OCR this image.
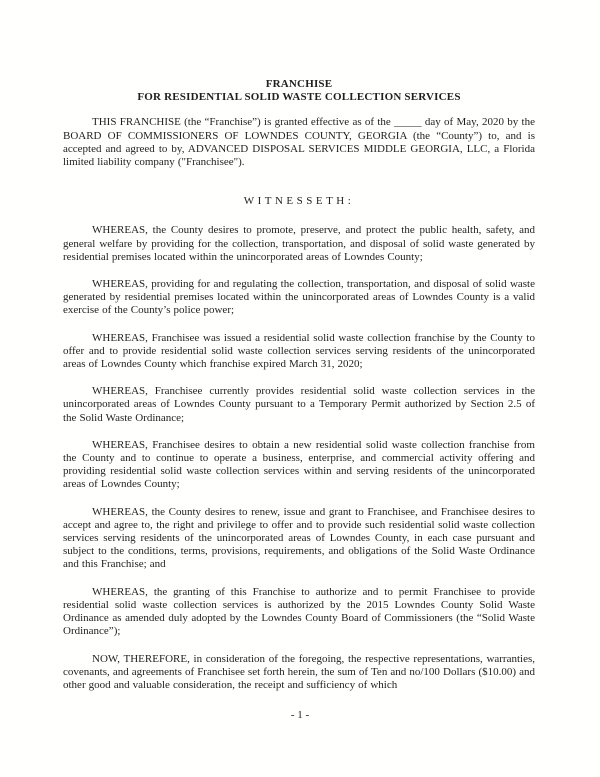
FRANCHISE
FOR RESIDENTIAL SOLID WASTE COLLECTION SERVICES

THIS FRANCHISE (the “Franchise”) is granted effective as of the _____ day of May, 2020 by the BOARD OF COMMISSIONERS OF LOWNDES COUNTY, GEORGIA (the “County”) to, and is accepted and agreed to by, ADVANCED DISPOSAL SERVICES MIDDLE GEORGIA, LLC, a Florida limited liability company ("Franchisee").

WITNESSETH:

WHEREAS, the County desires to promote, preserve, and protect the public health, safety, and general welfare by providing for the collection, transportation, and disposal of solid waste generated by residential premises located within the unincorporated areas of Lowndes County;

WHEREAS, providing for and regulating the collection, transportation, and disposal of solid waste generated by residential premises located within the unincorporated areas of Lowndes County is a valid exercise of the County’s police power;

WHEREAS, Franchisee was issued a residential solid waste collection franchise by the County to offer and to provide residential solid waste collection services serving residents of the unincorporated areas of Lowndes County which franchise expired March 31, 2020;

WHEREAS, Franchisee currently provides residential solid waste collection services in the unincorporated areas of Lowndes County pursuant to a Temporary Permit authorized by Section 2.5 of the Solid Waste Ordinance;

WHEREAS, Franchisee desires to obtain a new residential solid waste collection franchise from the County and to continue to operate a business, enterprise, and commercial activity offering and providing residential solid waste collection services within and serving residents of the unincorporated areas of Lowndes County;

WHEREAS, the County desires to renew, issue and grant to Franchisee, and Franchisee desires to accept and agree to, the right and privilege to offer and to provide such residential solid waste collection services serving residents of the unincorporated areas of Lowndes County, in each case pursuant and subject to the conditions, terms, provisions, requirements, and obligations of the Solid Waste Ordinance and this Franchise; and

WHEREAS, the granting of this Franchise to authorize and to permit Franchisee to provide residential solid waste collection services is authorized by the 2015 Lowndes County Solid Waste Ordinance as amended duly adopted by the Lowndes County Board of Commissioners (the “Solid Waste Ordinance”);

NOW, THEREFORE, in consideration of the foregoing, the respective representations, warranties, covenants, and agreements of Franchisee set forth herein, the sum of Ten and no/100 Dollars ($10.00) and other good and valuable consideration, the receipt and sufficiency of which

- 1 -
